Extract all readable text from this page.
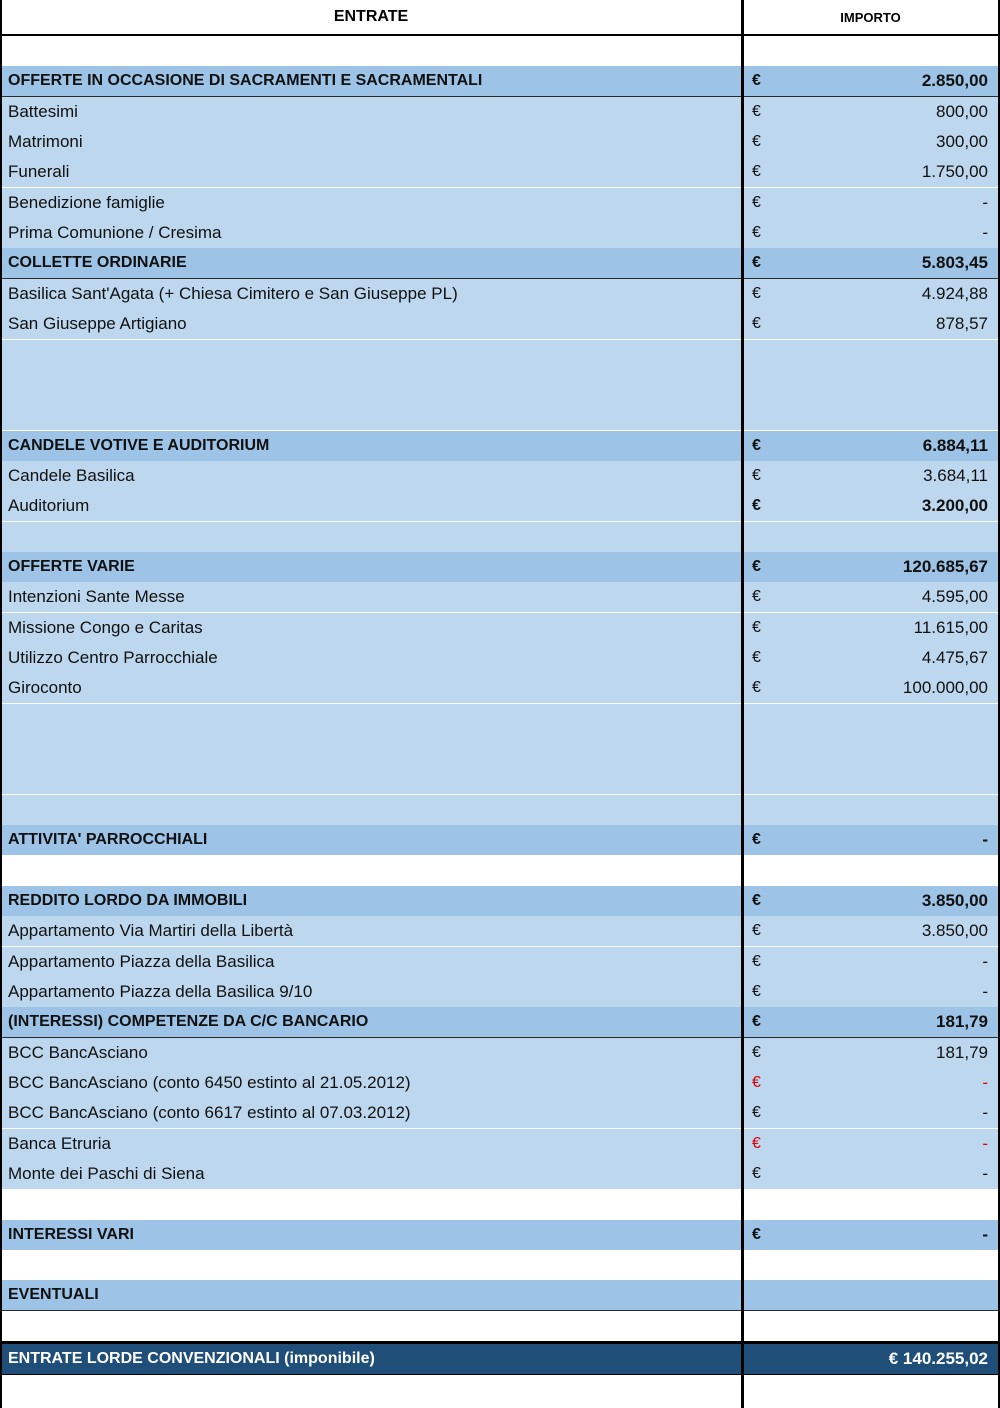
ENTRATE	IMPORTO
OFFERTE IN OCCASIONE DI SACRAMENTI E SACRAMENTALI	€	2.850,00
Battesimi	€	800,00
Matrimoni	€	300,00
Funerali	€	1.750,00
Benedizione famiglie	€	-
Prima Comunione / Cresima	€	-
COLLETTE ORDINARIE	€	5.803,45
Basilica Sant'Agata (+ Chiesa Cimitero e San Giuseppe PL)	€	4.924,88
San Giuseppe Artigiano	€	878,57
CANDELE VOTIVE E AUDITORIUM	€	6.884,11
Candele Basilica	€	3.684,11
Auditorium	€	3.200,00
OFFERTE VARIE	€	120.685,67
Intenzioni Sante Messe	€	4.595,00
Missione Congo e Caritas	€	11.615,00
Utilizzo Centro Parrocchiale	€	4.475,67
Giroconto	€	100.000,00
ATTIVITA' PARROCCHIALI	€	-
REDDITO LORDO DA IMMOBILI	€	3.850,00
Appartamento Via Martiri della Libertà	€	3.850,00
Appartamento Piazza della Basilica	€	-
Appartamento Piazza della Basilica 9/10	€	-
(INTERESSI) COMPETENZE DA C/C BANCARIO	€	181,79
BCC BancAsciano	€	181,79
BCC BancAsciano (conto 6450 estinto al 21.05.2012)	€	-
BCC BancAsciano (conto 6617 estinto al 07.03.2012)	€	-
Banca Etruria	€	-
Monte dei Paschi di Siena	€	-
INTERESSI VARI	€	-
EVENTUALI
ENTRATE LORDE CONVENZIONALI (imponibile)	€ 140.255,02
